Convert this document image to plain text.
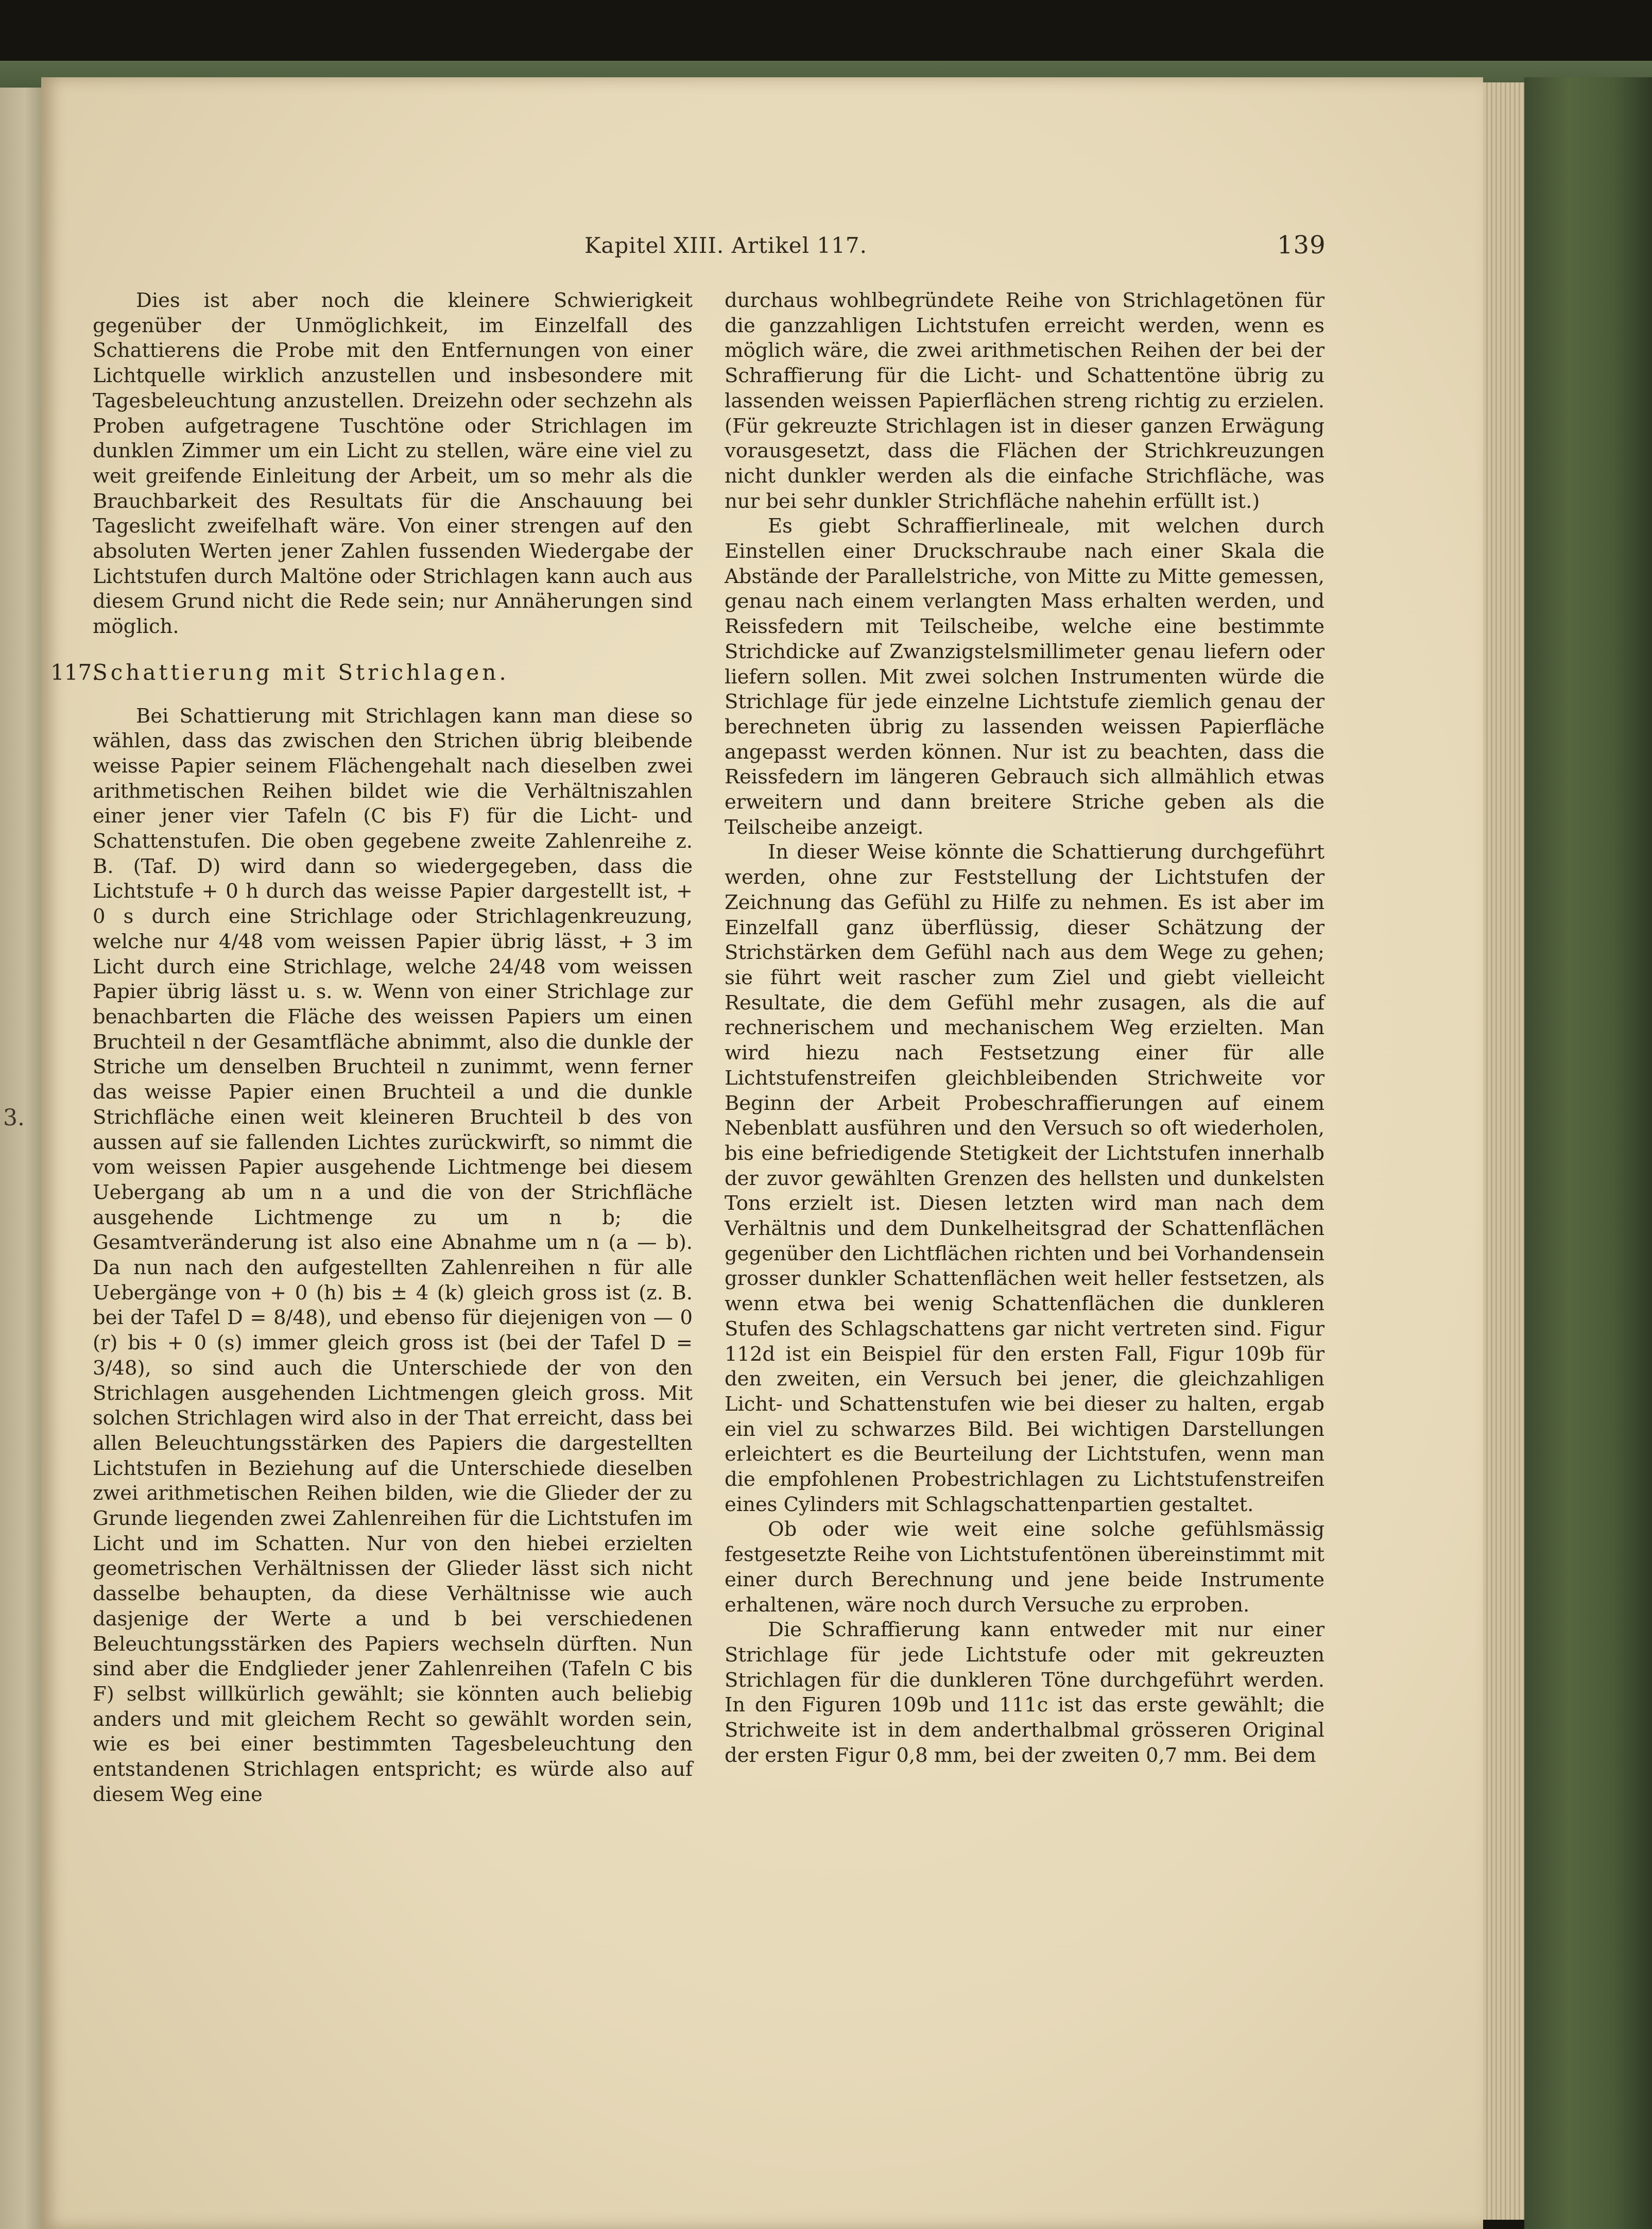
3.
Kapitel XIII. Artikel 117.	139

Dies ist aber noch die kleinere Schwierigkeit gegenüber der Unmöglichkeit, im Einzelfall des Schattierens die Probe mit den Entfernungen von einer Lichtquelle wirklich anzustellen und insbesondere mit Tagesbeleuchtung anzustellen. Dreizehn oder sechzehn als Proben aufgetragene Tuschtöne oder Strichlagen im dunklen Zimmer um ein Licht zu stellen, wäre eine viel zu weit greifende Einleitung der Arbeit, um so mehr als die Brauchbarkeit des Resultats für die Anschauung bei Tageslicht zweifelhaft wäre. Von einer strengen auf den absoluten Werten jener Zahlen fussenden Wiedergabe der Lichtstufen durch Maltöne oder Strichlagen kann auch aus diesem Grund nicht die Rede sein; nur Annäherungen sind möglich.

117.
Schattierung mit Strichlagen.

Bei Schattierung mit Strichlagen kann man diese so wählen, dass das zwischen den Strichen übrig bleibende weisse Papier seinem Flächengehalt nach dieselben zwei arithmetischen Reihen bildet wie die Verhältniszahlen einer jener vier Tafeln (C bis F) für die Licht- und Schattenstufen. Die oben gegebene zweite Zahlenreihe z. B. (Taf. D) wird dann so wiedergegeben, dass die Lichtstufe + 0 h durch das weisse Papier dargestellt ist, + 0 s durch eine Strichlage oder Strichlagenkreuzung, welche nur 4/48 vom weissen Papier übrig lässt, + 3 im Licht durch eine Strichlage, welche 24/48 vom weissen Papier übrig lässt u. s. w. Wenn von einer Strichlage zur benachbarten die Fläche des weissen Papiers um einen Bruchteil n der Gesamtfläche abnimmt, also die dunkle der Striche um denselben Bruchteil n zunimmt, wenn ferner das weisse Papier einen Bruchteil a und die dunkle Strichfläche einen weit kleineren Bruchteil b des von aussen auf sie fallenden Lichtes zurückwirft, so nimmt die vom weissen Papier ausgehende Lichtmenge bei diesem Uebergang ab um n a und die von der Strichfläche ausgehende Lichtmenge zu um n b; die Gesamtveränderung ist also eine Abnahme um n (a — b). Da nun nach den aufgestellten Zahlenreihen n für alle Uebergänge von + 0 (h) bis ± 4 (k) gleich gross ist (z. B. bei der Tafel D = 8/48), und ebenso für diejenigen von — 0 (r) bis + 0 (s) immer gleich gross ist (bei der Tafel D = 3/48), so sind auch die Unterschiede der von den Strichlagen ausgehenden Lichtmengen gleich gross. Mit solchen Strichlagen wird also in der That erreicht, dass bei allen Beleuchtungsstärken des Papiers die dargestellten Lichtstufen in Beziehung auf die Unterschiede dieselben zwei arithmetischen Reihen bilden, wie die Glieder der zu Grunde liegenden zwei Zahlenreihen für die Lichtstufen im Licht und im Schatten. Nur von den hiebei erzielten geometrischen Verhältnissen der Glieder lässt sich nicht dasselbe behaupten, da diese Verhältnisse wie auch dasjenige der Werte a und b bei verschiedenen Beleuchtungsstärken des Papiers wechseln dürften. Nun sind aber die Endglieder jener Zahlenreihen (Tafeln C bis F) selbst willkürlich gewählt; sie könnten auch beliebig anders und mit gleichem Recht so gewählt worden sein, wie es bei einer bestimmten Tagesbeleuchtung den entstandenen Strichlagen entspricht; es würde also auf diesem Weg eine

durchaus wohlbegründete Reihe von Strichlagetönen für die ganzzahligen Lichtstufen erreicht werden, wenn es möglich wäre, die zwei arithmetischen Reihen der bei der Schraffierung für die Licht- und Schattentöne übrig zu lassenden weissen Papierflächen streng richtig zu erzielen. (Für gekreuzte Strichlagen ist in dieser ganzen Erwägung vorausgesetzt, dass die Flächen der Strichkreuzungen nicht dunkler werden als die einfache Strichfläche, was nur bei sehr dunkler Strichfläche nahehin erfüllt ist.)

Es giebt Schraffierlineale, mit welchen durch Einstellen einer Druckschraube nach einer Skala die Abstände der Parallelstriche, von Mitte zu Mitte gemessen, genau nach einem verlangten Mass erhalten werden, und Reissfedern mit Teilscheibe, welche eine bestimmte Strichdicke auf Zwanzigstelsmillimeter genau liefern oder liefern sollen. Mit zwei solchen Instrumenten würde die Strichlage für jede einzelne Lichtstufe ziemlich genau der berechneten übrig zu lassenden weissen Papierfläche angepasst werden können. Nur ist zu beachten, dass die Reissfedern im längeren Gebrauch sich allmählich etwas erweitern und dann breitere Striche geben als die Teilscheibe anzeigt.

In dieser Weise könnte die Schattierung durchgeführt werden, ohne zur Feststellung der Lichtstufen der Zeichnung das Gefühl zu Hilfe zu nehmen. Es ist aber im Einzelfall ganz überflüssig, dieser Schätzung der Strichstärken dem Gefühl nach aus dem Wege zu gehen; sie führt weit rascher zum Ziel und giebt vielleicht Resultate, die dem Gefühl mehr zusagen, als die auf rechnerischem und mechanischem Weg erzielten. Man wird hiezu nach Festsetzung einer für alle Lichtstufenstreifen gleichbleibenden Strichweite vor Beginn der Arbeit Probeschraffierungen auf einem Nebenblatt ausführen und den Versuch so oft wiederholen, bis eine befriedigende Stetigkeit der Lichtstufen innerhalb der zuvor gewählten Grenzen des hellsten und dunkelsten Tons erzielt ist. Diesen letzten wird man nach dem Verhältnis und dem Dunkelheitsgrad der Schattenflächen gegenüber den Lichtflächen richten und bei Vorhandensein grosser dunkler Schattenflächen weit heller festsetzen, als wenn etwa bei wenig Schattenflächen die dunkleren Stufen des Schlagschattens gar nicht vertreten sind. Figur 112d ist ein Beispiel für den ersten Fall, Figur 109b für den zweiten, ein Versuch bei jener, die gleichzahligen Licht- und Schattenstufen wie bei dieser zu halten, ergab ein viel zu schwarzes Bild. Bei wichtigen Darstellungen erleichtert es die Beurteilung der Lichtstufen, wenn man die empfohlenen Probestrichlagen zu Lichtstufenstreifen eines Cylinders mit Schlagschattenpartien gestaltet.

Ob oder wie weit eine solche gefühlsmässig festgesetzte Reihe von Lichtstufentönen übereinstimmt mit einer durch Berechnung und jene beide Instrumente erhaltenen, wäre noch durch Versuche zu erproben.

Die Schraffierung kann entweder mit nur einer Strichlage für jede Lichtstufe oder mit gekreuzten Strichlagen für die dunkleren Töne durchgeführt werden. In den Figuren 109b und 111c ist das erste gewählt; die Strichweite ist in dem anderthalbmal grösseren Original der ersten Figur 0,8 mm, bei der zweiten 0,7 mm. Bei dem
